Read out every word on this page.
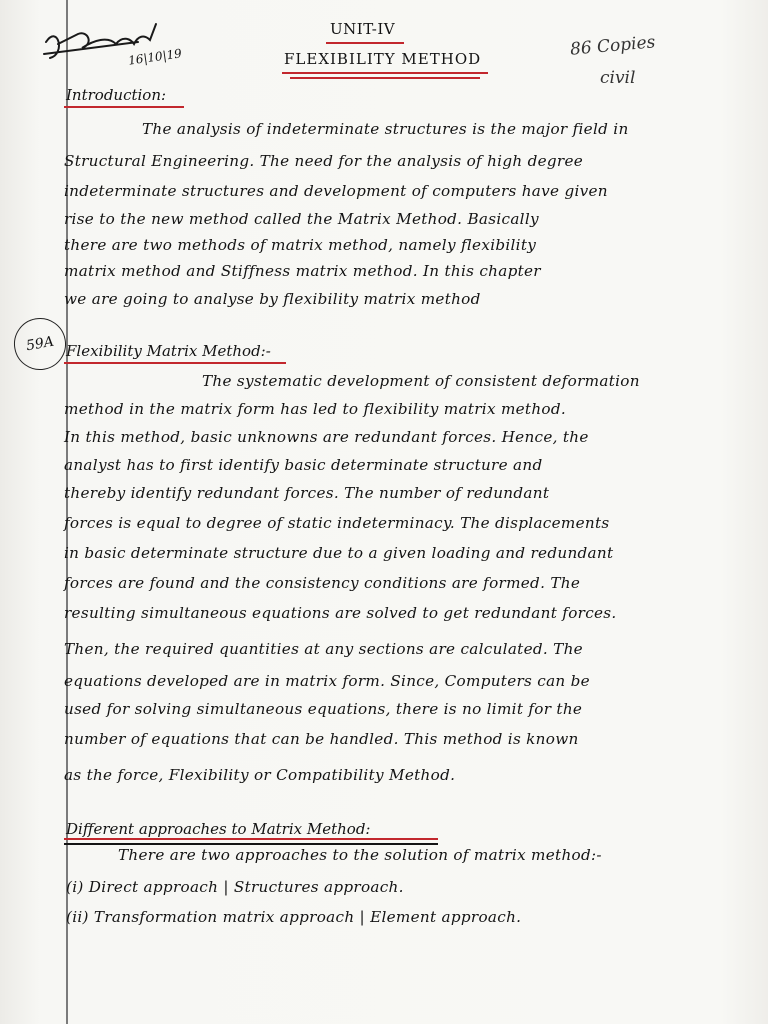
16|10|19
UNIT-IV
FLEXIBILITY METHOD	86 Copies
civil
59A
Introduction:
The analysis of indeterminate structures is the major field in
Structural Engineering. The need for the analysis of high degree
indeterminate structures and development of computers have given
rise to the new method called the Matrix Method. Basically
there are two methods of matrix method, namely flexibility
matrix method and Stiffness matrix method. In this chapter
we are going to analyse by flexibility matrix method
Flexibility Matrix Method:-
The systematic development of consistent deformation
method in the matrix form has led to flexibility matrix method.
In this method, basic unknowns are redundant forces. Hence, the
analyst has to first identify basic determinate structure and
thereby identify redundant forces. The number of redundant
forces is equal to degree of static indeterminacy. The displacements
in basic determinate structure due to a given loading and redundant
forces are found and the consistency conditions are formed. The
resulting simultaneous equations are solved to get redundant forces.
Then, the required quantities at any sections are calculated. The
equations developed are in matrix form. Since, Computers can be
used for solving simultaneous equations, there is no limit for the
number of equations that can be handled. This method is known
as the force, Flexibility or Compatibility Method.
Different approaches to Matrix Method:
There are two approaches to the solution of matrix method:-
(i) Direct approach | Structures approach.
(ii) Transformation matrix approach | Element approach.
